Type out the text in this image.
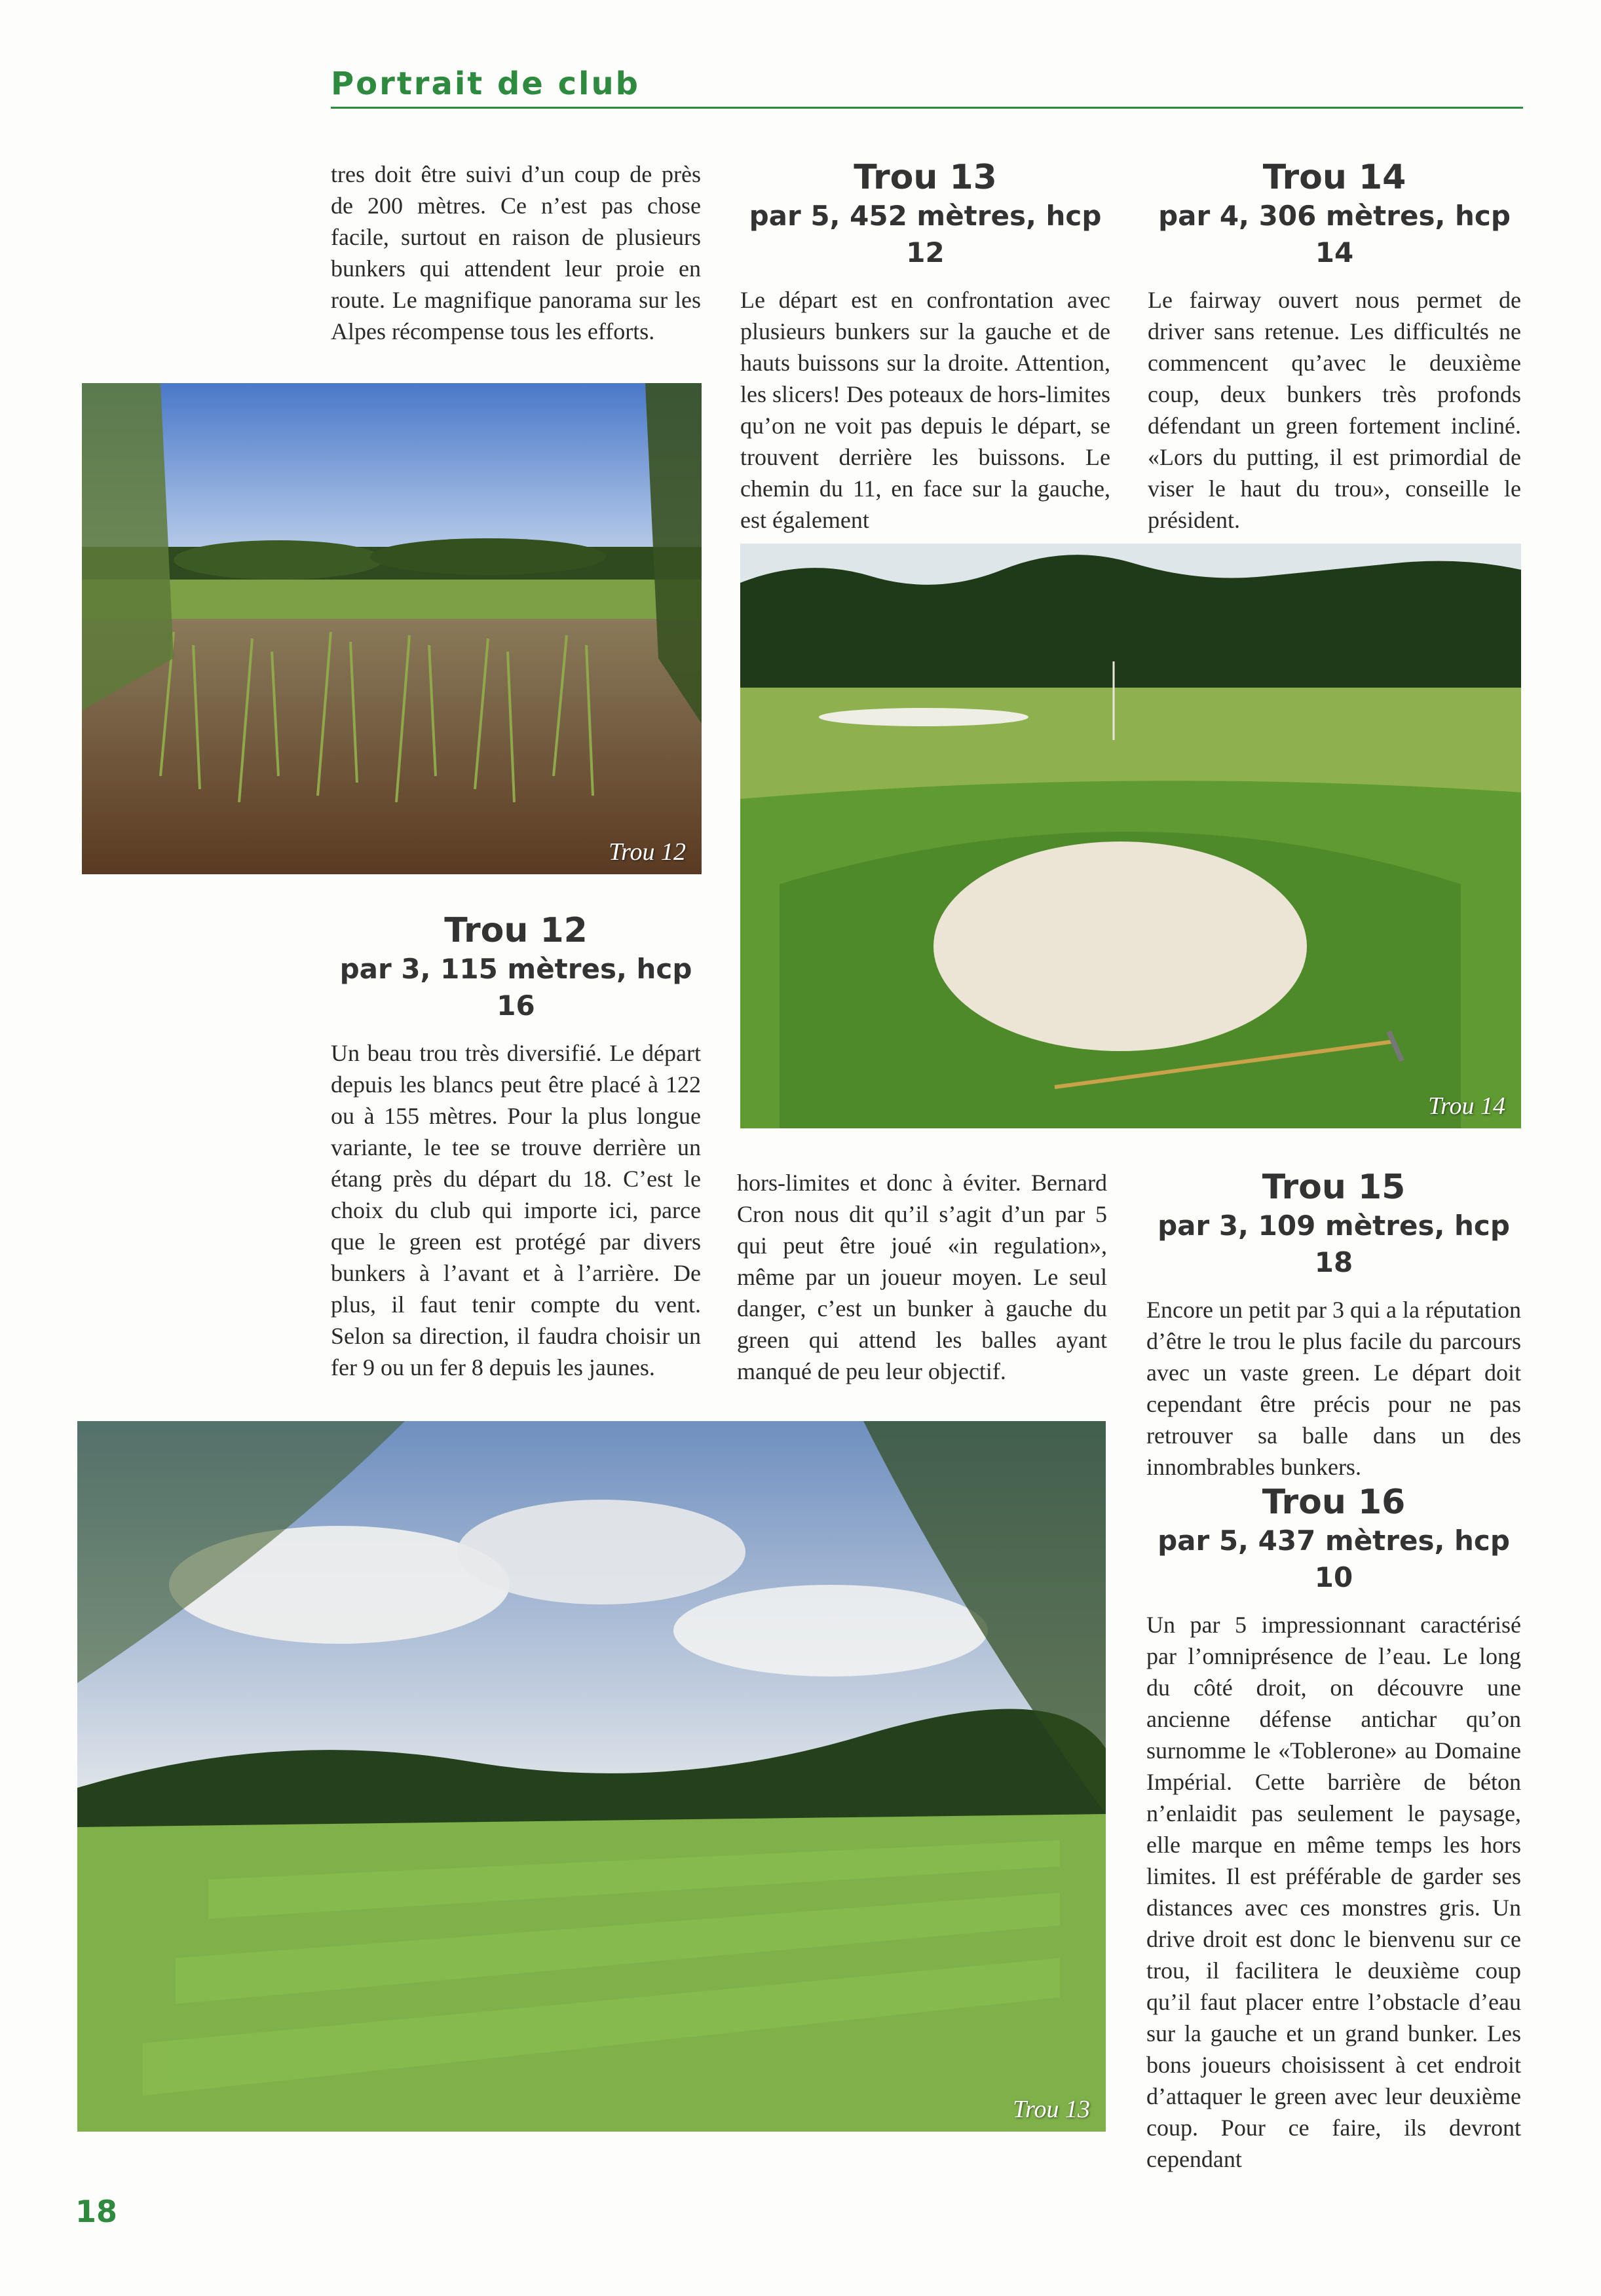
Portrait de club

tres doit être suivi d’un coup de près de 200 mètres. Ce n’est pas chose facile, surtout en raison de plusieurs bunkers qui attendent leur proie en route. Le magnifique panorama sur les Alpes récompense tous les efforts.

Trou 13
par 5, 452 mètres, hcp 12

Le départ est en confrontation avec plusieurs bunkers sur la gauche et de hauts buissons sur la droite. Attention, les slicers! Des poteaux de hors-limites qu’on ne voit pas depuis le départ, se trouvent derrière les buissons. Le chemin du 11, en face sur la gauche, est également

Trou 14
par 4, 306 mètres, hcp 14

Le fairway ouvert nous permet de driver sans retenue. Les difficultés ne commencent qu’avec le deuxième coup, deux bunkers très profonds défendant un green fortement incliné. «Lors du putting, il est primordial de viser le haut du trou», conseille le président.

Trou 12
Trou 14
Trou 12
par 3, 115 mètres, hcp 16

Un beau trou très diversifié. Le départ depuis les blancs peut être placé à 122 ou à 155 mètres. Pour la plus longue variante, le tee se trouve derrière un étang près du départ du 18. C’est le choix du club qui importe ici, parce que le green est protégé par divers bunkers à l’avant et à l’arrière. De plus, il faut tenir compte du vent. Selon sa direction, il faudra choisir un fer 9 ou un fer 8 depuis les jaunes.

hors-limites et donc à éviter. Bernard Cron nous dit qu’il s’agit d’un par 5 qui peut être joué «in regulation», même par un joueur moyen. Le seul danger, c’est un bunker à gauche du green qui attend les balles ayant manqué de peu leur objectif.

Trou 15
par 3, 109 mètres, hcp 18

Encore un petit par 3 qui a la réputation d’être le trou le plus facile du parcours avec un vaste green. Le départ doit cependant être précis pour ne pas retrouver sa balle dans un des innombrables bunkers.

Trou 16
par 5, 437 mètres, hcp 10

Un par 5 impressionnant caractérisé par l’omniprésence de l’eau. Le long du côté droit, on découvre une ancienne défense antichar qu’on surnomme le «Toblerone» au Domaine Impérial. Cette barrière de béton n’enlaidit pas seulement le paysage, elle marque en même temps les hors limites. Il est préférable de garder ses distances avec ces monstres gris. Un drive droit est donc le bienvenu sur ce trou, il facilitera le deuxième coup qu’il faut placer entre l’obstacle d’eau sur la gauche et un grand bunker. Les bons joueurs choisissent à cet endroit d’attaquer le green avec leur deuxième coup. Pour ce faire, ils devront cependant

Trou 13
18
